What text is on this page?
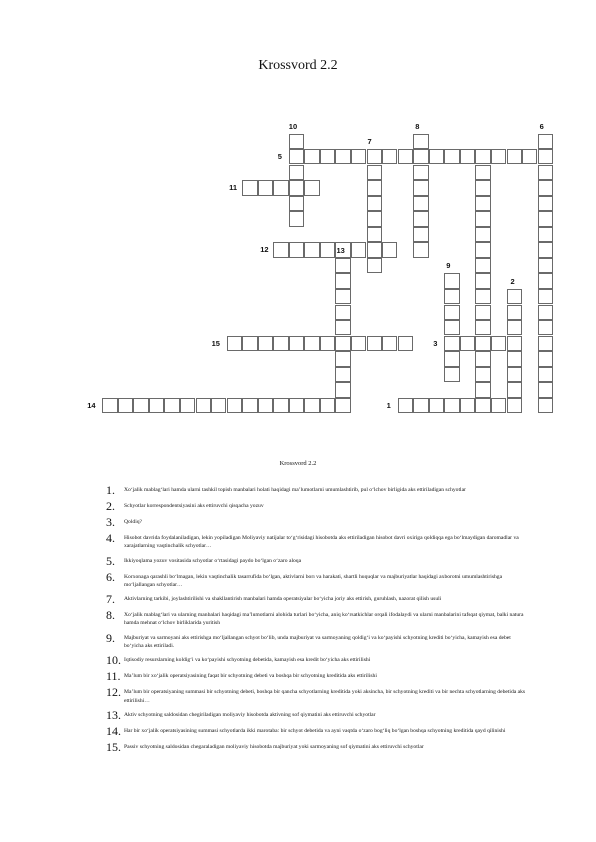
Krossvord 2.2
1
2
3
5
6
7
8
9
10
11
12	13
14
15
Krossvord 2.2
1.	Xo‘jalik mablag‘lari hamda ularni tashkil topish manbalari holati haqidagi ma’lumotlarni umumlashtirib, pul o‘lchov birligida aks ettiriladigan schyotlar
2.	Schyotlar korrespondentsiyasini aks ettiruvchi qisqacha yozuv
3.	Qoldiq?
4.	Hisobot davrida foydalaniladigan, lekin yopiladigan Moliyaviy natijalar to‘g‘risidagi hisobotda aks ettiriladigan hisobot davri oxiriga qoldiqqa ega bo‘lmaydigan daromadlar va xarajatlarning vaqtinchalik schyotlar…
5.	Ikkiyoqlama yozuv vositasida schyotlar o‘rtasidagi paydo bo‘lgan o‘zaro aloqa
6.	Korxonaga qarashli bo‘lmagan, lekin vaqtinchalik tasarrufida bo‘lgan, aktivlarni borı va harakati, shartli huquqlar va majburiyatlar haqidagi axborotni umumlashtirishga mo‘ljallangan schyotlar…
7.	Aktivlarning tarkibi, joylashtirilishi va shakllantirish manbalari hamda operatsiyalar bo‘yicha joriy aks ettirish, guruhlash, nazorat qilish usuli
8.	Xo‘jalik mablag‘lari va ularning manbalari haqidagi ma’lumotlarni alohida turlari bo‘yicha, aniq ko‘rsatkichlar orqali ifodalaydi va ularni manbalarini tafsqat qiymat, balki natura hamda mehnat o‘lchov birliklarida yuritish
9.	Majburiyat va sarmoyani aks ettirishga mo‘ljallangan schyot bo‘lib, unda majburiyat va sarmoyaning qoldig‘i va ko‘payishi schyotning krediti bo‘yicha, kamayish esa debet bo‘yicha aks ettiriladi.
10. Iqtisodiy resurslarning koldig‘i va ko‘payishi schyotning debetida, kamayish esa kredit bo‘yicha aks ettirilishi
11. Ma’lum bir xo‘jalik operatsiyasining faqat bir schyotning debeti va boshqa bir schyotning kreditida aks ettirilishi
12. Ma’lum bir operatsiyaning summasi bir schyotning debeti, boshqa bir qancha schyotlarning kreditida yoki aksincha, bir schyotning krediti va bir nechta schyotlarning debetida aks ettirilishi…
13. Aktiv schyotning saldosidan chegiriladigan moliyaviy hisobotda aktivning sof qiymatini aks ettiruvchi schyotlar
14. Har bir xo‘jalik operatsiyasining summasi schyotlarda ikki marotaba: bir schyot debetida va ayni vaqtda o‘zaro bog‘liq bo‘lgan boshqa schyotning kreditida qayd qilinishi
15. Passiv schyotning saldosidan chegaraladigan moliyaviy hisobotda majburiyat yoki sarmoyaning sof qiymatini aks ettiruvchi schyotlar
